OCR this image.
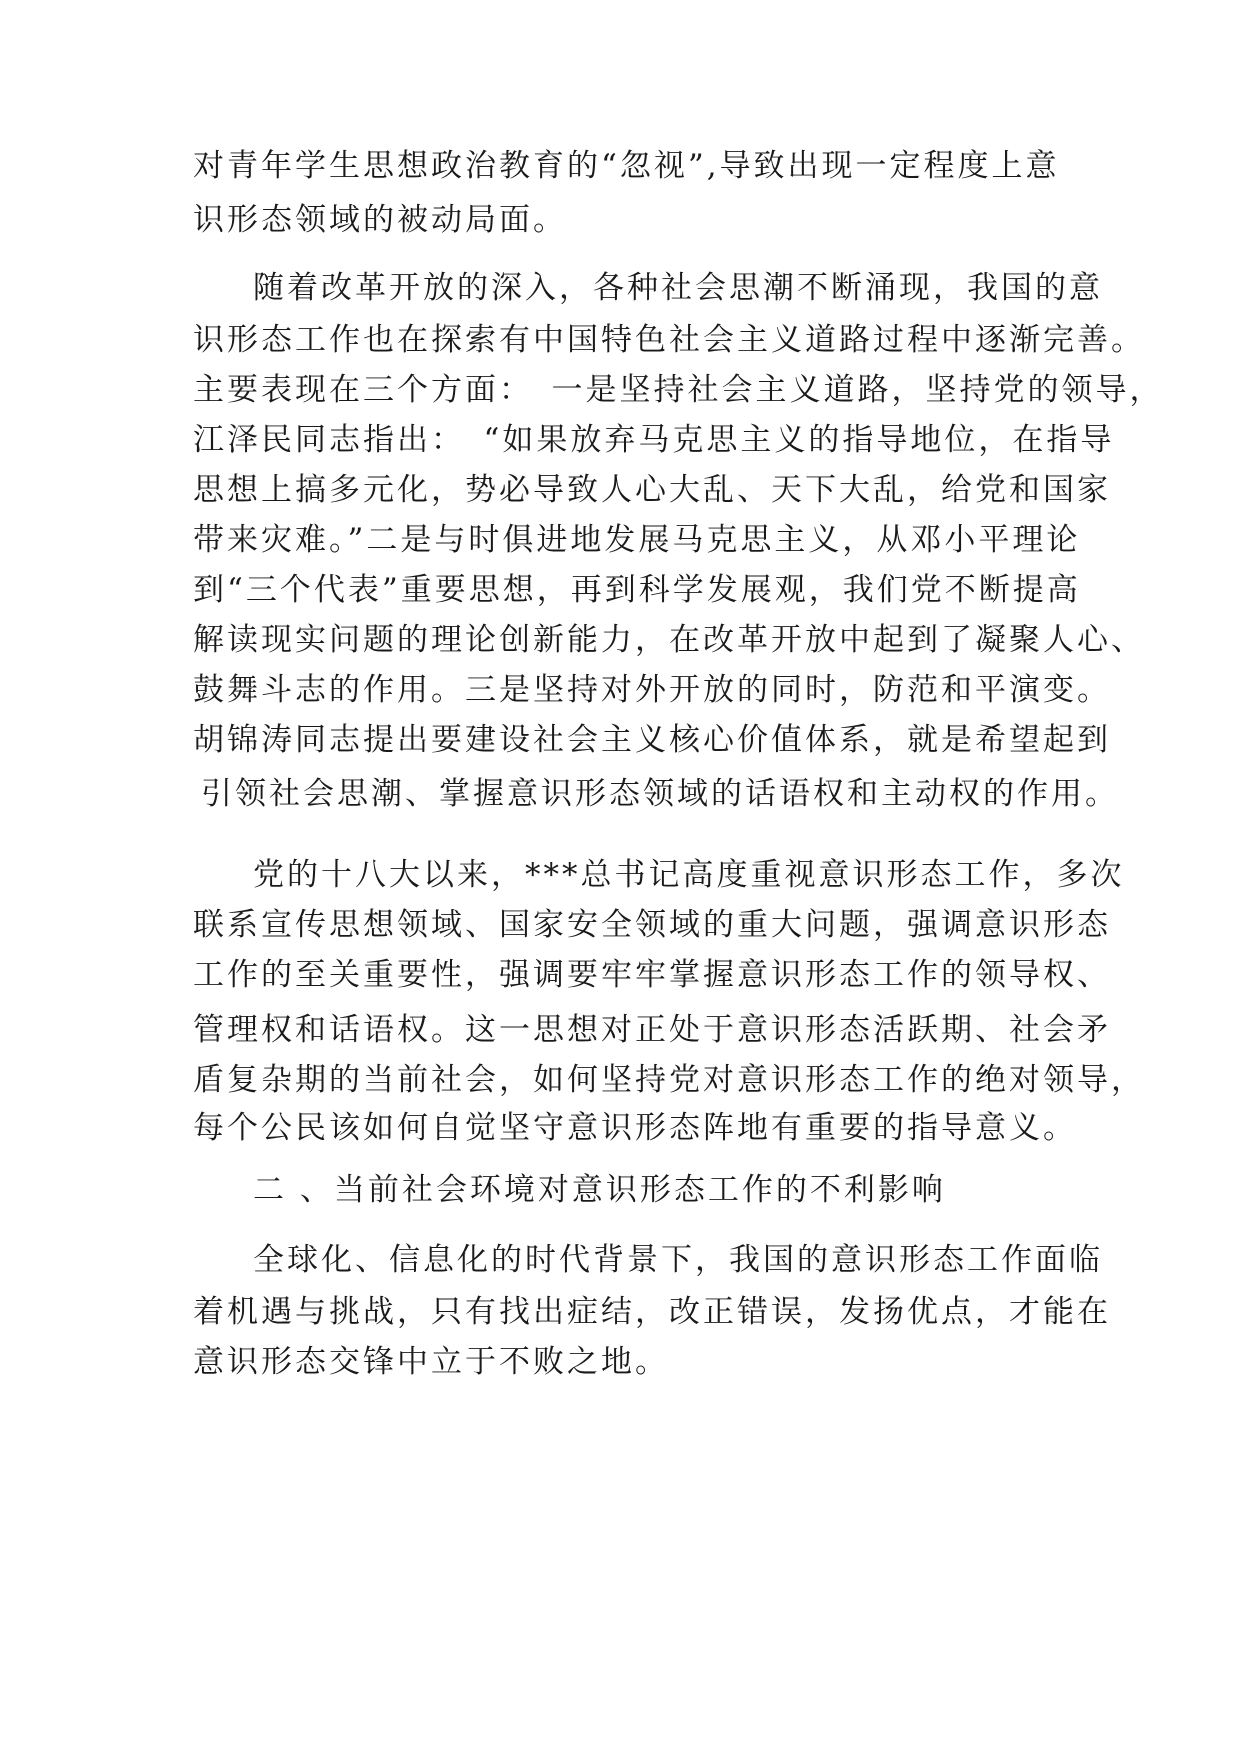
对青年学生思想政治教育的“忽视”,导致出现一定程度上意

识形态领域的被动局面。

随着改革开放的深入，各种社会思潮不断涌现，我国的意

识形态工作也在探索有中国特色社会主义道路过程中逐渐完善。

主要表现在三个方面：　一是坚持社会主义道路，坚持党的领导，

江泽民同志指出：　“如果放弃马克思主义的指导地位，在指导

思想上搞多元化，势必导致人心大乱、天下大乱，给党和国家

带来灾难。”二是与时俱进地发展马克思主义，从邓小平理论

到“三个代表”重要思想，再到科学发展观，我们党不断提高

解读现实问题的理论创新能力，在改革开放中起到了凝聚人心、

鼓舞斗志的作用。三是坚持对外开放的同时，防范和平演变。

胡锦涛同志提出要建设社会主义核心价值体系，就是希望起到

引领社会思潮、掌握意识形态领域的话语权和主动权的作用。

党的十八大以来，***总书记高度重视意识形态工作，多次

联系宣传思想领域、国家安全领域的重大问题，强调意识形态

工作的至关重要性，强调要牢牢掌握意识形态工作的领导权、

管理权和话语权。这一思想对正处于意识形态活跃期、社会矛

盾复杂期的当前社会，如何坚持党对意识形态工作的绝对领导，

每个公民该如何自觉坚守意识形态阵地有重要的指导意义。

二 、当前社会环境对意识形态工作的不利影响

全球化、信息化的时代背景下，我国的意识形态工作面临

着机遇与挑战，只有找出症结，改正错误，发扬优点，才能在

意识形态交锋中立于不败之地。
